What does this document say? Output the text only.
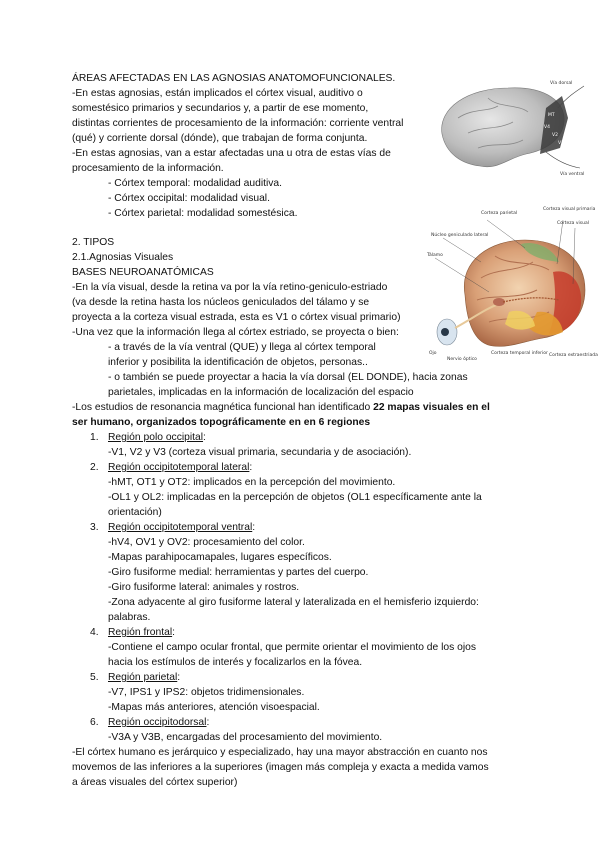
ÁREAS AFECTADAS EN LAS AGNOSIAS ANATOMOFUNCIONALES.
-En estas agnosias, están implicados el córtex visual, auditivo o
somestésico primarios y secundarios y, a partir de ese momento,
distintas corrientes de procesamiento de la información: corriente ventral
(qué) y corriente dorsal (dónde), que trabajan de forma conjunta.
-En estas agnosias, van a estar afectadas una u otra de estas vías de
procesamiento de la información.
- Córtex temporal: modalidad auditiva.
- Córtex occipital: modalidad visual.
- Córtex parietal: modalidad somestésica.
2. TIPOS
2.1.Agnosias Visuales
BASES NEUROANATÓMICAS
-En la vía visual, desde la retina va por la vía retino-geniculo-estriado
(va desde la retina hasta los núcleos geniculados del tálamo y se
proyecta a la corteza visual estrada, esta es V1 o córtex visual primario)
-Una vez que la información llega al córtex estriado, se proyecta o bien:
- a través de la vía ventral (QUE) y llega al córtex temporal
inferior y posibilita la identificación de objetos, personas..
- o también se puede proyectar a hacia la vía dorsal (EL DONDE), hacia zonas
parietales, implicadas en la información de localización del espacio
-Los estudios de resonancia magnética funcional han identificado 22 mapas visuales en el
ser humano, organizados topográficamente en en 6 regiones
1. Región polo occipital:
-V1, V2 y V3 (corteza visual primaria, secundaria y de asociación).
2. Región occipitotemporal lateral:
-hMT, OT1 y OT2: implicados en la percepción del movimiento.
-OL1 y OL2: implicadas en la percepción de objetos (OL1 específicamente ante la
orientación)
3. Región occipitotemporal ventral:
-hV4, OV1 y OV2: procesamiento del color.
-Mapas parahipocamapales, lugares específicos.
-Giro fusiforme medial: herramientas y partes del cuerpo.
-Giro fusiforme lateral: animales y rostros.
-Zona adyacente al giro fusiforme lateral y lateralizada en el hemisferio izquierdo:
palabras.
4. Región frontal:
-Contiene el campo ocular frontal, que permite orientar el movimiento de los ojos
hacia los estímulos de interés y focalizarlos en la fóvea.
5. Región parietal:
-V7, IPS1 y IPS2: objetos tridimensionales.
-Mapas más anteriores, atención visoespacial.
6. Región occipitodorsal:
-V3A y V3B, encargadas del procesamiento del movimiento.
-El córtex humano es jerárquico y especializado, hay una mayor abstracción en cuanto nos
movemos de las inferiores a la superiores (imagen más compleja y exacta a medida vamos
a áreas visuales del córtex superior)
MT
V4
V2
V1
Vía dorsal
Vía ventral
Núcleo geniculado lateral
Tálamo
Ojo
Nervio óptico
Corteza temporal inferior
Corteza parietal
Corteza visual primaria
Corteza extraestriada
Corteza visual
